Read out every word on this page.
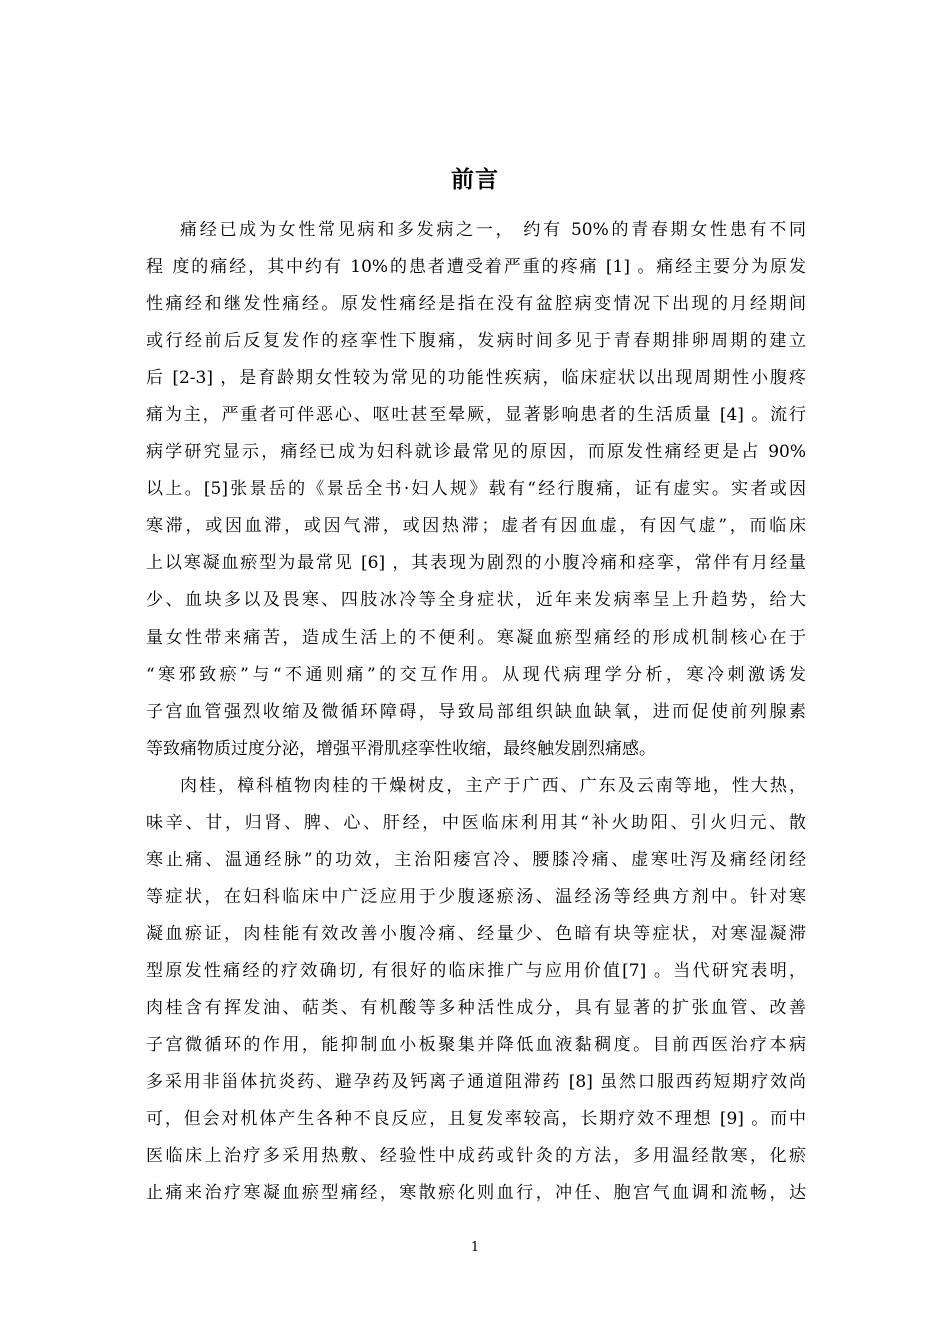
前言
痛经已成为女性常见病和多发病之一， 约有 50%的青春期女性患有不同
程 度的痛经，其中约有 10%的患者遭受着严重的疼痛 [1] 。痛经主要分为原发
性痛经和继发性痛经。原发性痛经是指在没有盆腔病变情况下出现的月经期间
或行经前后反复发作的痉挛性下腹痛，发病时间多见于青春期排卵周期的建立
后 [2-3] ，是育龄期女性较为常见的功能性疾病，临床症状以出现周期性小腹疼
痛为主，严重者可伴恶心、呕吐甚至晕厥，显著影响患者的生活质量 [4] 。流行
病学研究显示，痛经已成为妇科就诊最常见的原因，而原发性痛经更是占 90%
以上。[5]张景岳的《景岳全书·妇人规》载有“经行腹痛，证有虚实。实者或因
寒滞，或因血滞，或因气滞，或因热滞；虚者有因血虚，有因气虚”，而临床
上以寒凝血瘀型为最常见 [6] ，其表现为剧烈的小腹冷痛和痉挛，常伴有月经量
少、血块多以及畏寒、四肢冰冷等全身症状，近年来发病率呈上升趋势，给大
量女性带来痛苦，造成生活上的不便利。寒凝血瘀型痛经的形成机制核心在于
“寒邪致瘀”与“不通则痛”的交互作用。从现代病理学分析，寒冷刺激诱发
子宫血管强烈收缩及微循环障碍，导致局部组织缺血缺氧，进而促使前列腺素
等致痛物质过度分泌，增强平滑肌痉挛性收缩，最终触发剧烈痛感。
肉桂，樟科植物肉桂的干燥树皮，主产于广西、广东及云南等地，性大热，
味辛、甘，归肾、脾、心、肝经，中医临床利用其“补火助阳、引火归元、散
寒止痛、温通经脉”的功效，主治阳痿宫冷、腰膝冷痛、虚寒吐泻及痛经闭经
等症状，在妇科临床中广泛应用于少腹逐瘀汤、温经汤等经典方剂中。针对寒
凝血瘀证，肉桂能有效改善小腹冷痛、经量少、色暗有块等症状，对寒湿凝滞
型原发性痛经的疗效确切, 有很好的临床推广与应用价值[7] 。当代研究表明，
肉桂含有挥发油、萜类、有机酸等多种活性成分，具有显著的扩张血管、改善
子宫微循环的作用，能抑制血小板聚集并降低血液黏稠度。目前西医治疗本病
多采用非甾体抗炎药、避孕药及钙离子通道阻滞药 [8] 虽然口服西药短期疗效尚
可，但会对机体产生各种不良反应，且复发率较高，长期疗效不理想 [9] 。而中
医临床上治疗多采用热敷、经验性中成药或针灸的方法，多用温经散寒，化瘀
止痛来治疗寒凝血瘀型痛经，寒散瘀化则血行，冲任、胞宫气血调和流畅，达
1
